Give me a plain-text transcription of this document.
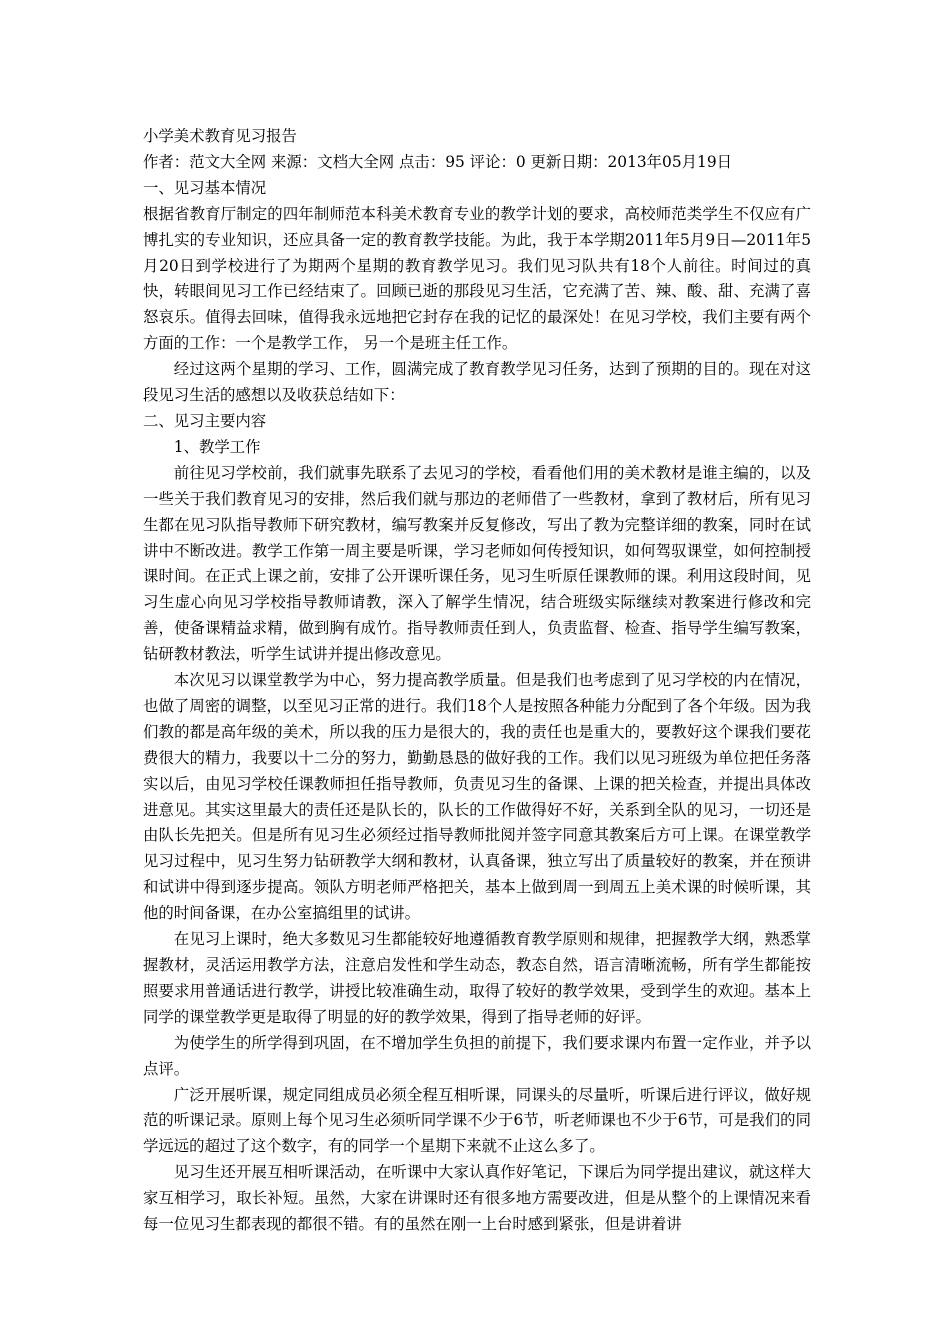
小学美术教育见习报告
作者：范文大全网 来源：文档大全网 点击：95 评论：0 更新日期：2013年05月19日
一、见习基本情况

根据省教育厅制定的四年制师范本科美术教育专业的教学计划的要求，高校师范类学生不仅应有广博扎实的专业知识，还应具备一定的教育教学技能。为此，我于本学期2011年5月9日—2011年5月20日到学校进行了为期两个星期的教育教学见习。我们见习队共有18个人前往。时间过的真快，转眼间见习工作已经结束了。回顾已逝的那段见习生活，它充满了苦、辣、酸、甜、充满了喜怒哀乐。值得去回味，值得我永远地把它封存在我的记忆的最深处！在见习学校，我们主要有两个方面的工作：一个是教学工作， 另一个是班主任工作。

经过这两个星期的学习、工作，圆满完成了教育教学见习任务，达到了预期的目的。现在对这段见习生活的感想以及收获总结如下：

二、见习主要内容
1、教学工作

前往见习学校前，我们就事先联系了去见习的学校，看看他们用的美术教材是谁主编的，以及一些关于我们教育见习的安排，然后我们就与那边的老师借了一些教材，拿到了教材后，所有见习生都在见习队指导教师下研究教材，编写教案并反复修改，写出了教为完整详细的教案，同时在试讲中不断改进。教学工作第一周主要是听课，学习老师如何传授知识，如何驾驭课堂，如何控制授课时间。在正式上课之前，安排了公开课听课任务，见习生听原任课教师的课。利用这段时间，见习生虚心向见习学校指导教师请教，深入了解学生情况，结合班级实际继续对教案进行修改和完善，使备课精益求精，做到胸有成竹。指导教师责任到人，负责监督、检查、指导学生编写教案，钻研教材教法，听学生试讲并提出修改意见。

本次见习以课堂教学为中心，努力提高教学质量。但是我们也考虑到了见习学校的内在情况，也做了周密的调整，以至见习正常的进行。我们18个人是按照各种能力分配到了各个年级。因为我们教的都是高年级的美术，所以我的压力是很大的，我的责任也是重大的，要教好这个课我们要花费很大的精力，我要以十二分的努力，勤勤恳恳的做好我的工作。我们以见习班级为单位把任务落实以后，由见习学校任课教师担任指导教师，负责见习生的备课、上课的把关检查，并提出具体改进意见。其实这里最大的责任还是队长的，队长的工作做得好不好，关系到全队的见习，一切还是由队长先把关。但是所有见习生必须经过指导教师批阅并签字同意其教案后方可上课。在课堂教学见习过程中，见习生努力钻研教学大纲和教材，认真备课，独立写出了质量较好的教案，并在预讲和试讲中得到逐步提高。领队方明老师严格把关，基本上做到周一到周五上美术课的时候听课，其他的时间备课，在办公室搞组里的试讲。

在见习上课时，绝大多数见习生都能较好地遵循教育教学原则和规律，把握教学大纲，熟悉掌握教材，灵活运用教学方法，注意启发性和学生动态，教态自然，语言清晰流畅，所有学生都能按照要求用普通话进行教学，讲授比较准确生动，取得了较好的教学效果，受到学生的欢迎。基本上同学的课堂教学更是取得了明显的好的教学效果，得到了指导老师的好评。

为使学生的所学得到巩固，在不增加学生负担的前提下，我们要求课内布置一定作业，并予以点评。

广泛开展听课，规定同组成员必须全程互相听课，同课头的尽量听，听课后进行评议，做好规范的听课记录。原则上每个见习生必须听同学课不少于6节，听老师课也不少于6节，可是我们的同学远远的超过了这个数字，有的同学一个星期下来就不止这么多了。

见习生还开展互相听课活动，在听课中大家认真作好笔记，下课后为同学提出建议，就这样大家互相学习，取长补短。虽然，大家在讲课时还有很多地方需要改进，但是从整个的上课情况来看每一位见习生都表现的都很不错。有的虽然在刚一上台时感到紧张，但是讲着讲
